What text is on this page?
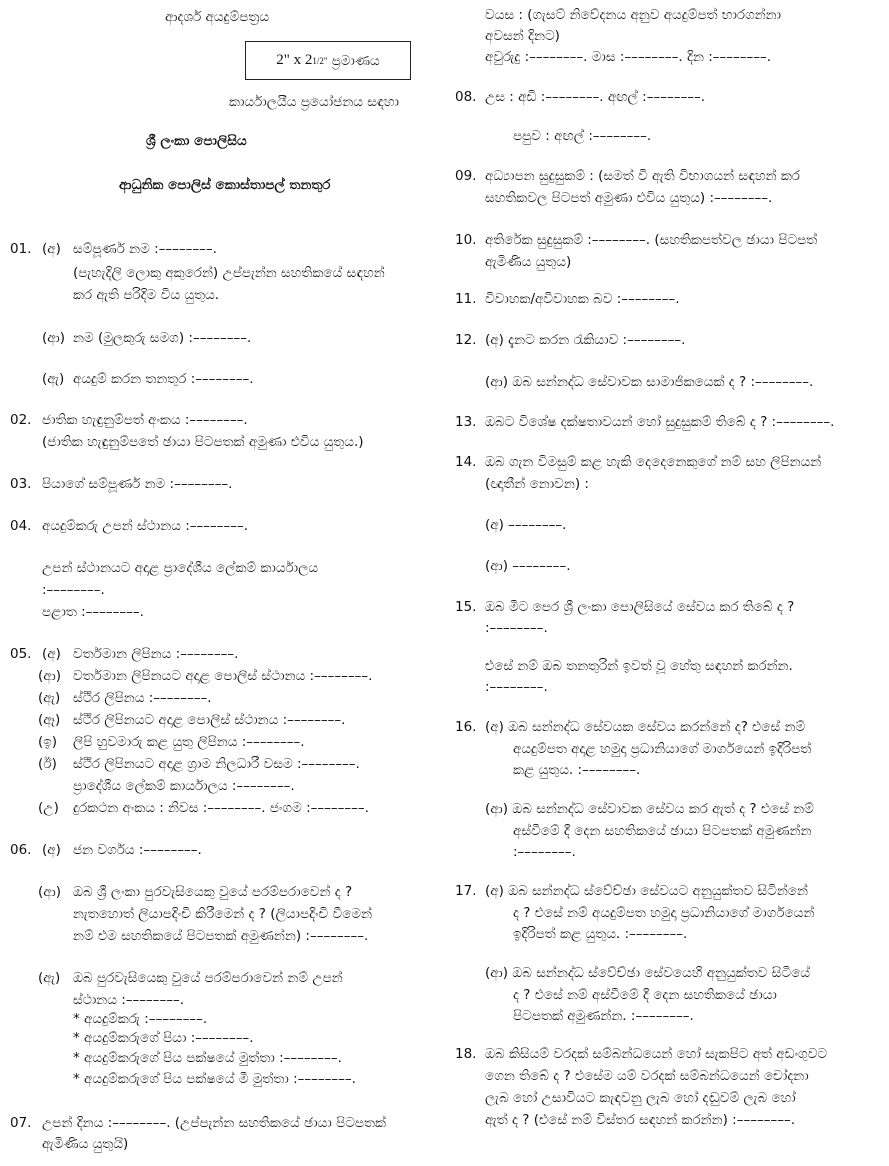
ආදර්ශ අයදුම්පත්‍රය
2" x 2 1/2" ප්‍රමාණය
කාර්යාලයීය ප්‍රයෝජනය සඳහා
ශ්‍රී ලංකා පොලිසිය
ආධුනික පොලිස් කොස්තාපල් තනතුර
01. (අ) සම්පූර්ණ නම :––––––––.
(පැහැදිලි ලොකු අකුරෙන්) උප්පැන්න සහතිකයේ සඳහන්
කර ඇති පරිදිම විය යුතුය.
(ආ) නම (මුලකුරු සමග) :––––––––.
(ඇ) අයදුම් කරන තනතුර :––––––––.
02. ජාතික හැඳුනුම්පත් අංකය :––––––––.
(ජාතික හැඳුනුම්පතේ ඡායා පිටපතක් අමුණා එවිය යුතුය.)
03. පියාගේ සම්පූර්ණ නම :––––––––.
04. අයදුම්කරු උපන් ස්ථානය :––––––––.
උපන් ස්ථානයට අදාළ ප්‍රාදේශීය ලේකම් කාර්යාලය
:––––––––.
පළාත :––––––––.
05. (අ) වර්තමාන ලිපිනය :––––––––.
(ආ) වර්තමාන ලිපිනයට අදාළ පොලිස් ස්ථානය :––––––––.
(ඇ) ස්ථිර ලිපිනය :––––––––.
(ඈ) ස්ථිර ලිපිනයට අදාළ පොලිස් ස්ථානය :––––––––.
(ඉ) ලිපි හුවමාරු කළ යුතු ලිපිනය :––––––––.
(ඊ) ස්ථිර ලිපිනයට අදාළ ග්‍රාම නිලධාරී වසම :––––––––.
ප්‍රාදේශීය ලේකම් කාර්යාලය :––––––––.
(උ) දුරකථන අංකය : නිවස :––––––––. ජංගම :––––––––.
06. (අ) ජන වර්ගය :––––––––.
(ආ) ඔබ ශ්‍රී ලංකා පුරවැසියෙකු වුයේ පරම්පරාවෙන් ද ?
නැතහොත් ලියාපදිංචි කිරීමෙන් ද ? (ලියාපදිංචි වීමෙන්
නම් එම සහතිකයේ පිටපතක් අමුණන්න) :––––––––.
(ඇ) ඔබ පුරවැසියෙකු වුයේ පරම්පරාවෙන් නම් උපන්
ස්ථානය :––––––––.
* අයදුම්කරු :––––––––.
* අයදුම්කරුගේ පියා :––––––––.
* අයදුම්කරුගේ පිය පක්ෂයේ මුත්තා :––––––––.
* අයදුම්කරුගේ පිය පක්ෂයේ මී මුත්තා :––––––––.
07. උපන් දිනය :––––––––. (උප්පැන්න සහතිකයේ ඡායා පිටපතක්
ඇමිණිය යුතුයි)
වයස : (ගැසට් නිවේදනය අනුව අයදුම්පත් භාරගන්නා
අවසන් දිනට)
අවුරුදු :––––––––. මාස :––––––––. දින :––––––––.
08. උස : අඩි :––––––––. අඟල් :––––––––.
පපුව : අඟල් :––––––––.
09. අධ්‍යාපන සුදුසුකම් : (සමත් වී ඇති විභාගයන් සඳහන් කර
සහතිකවල පිටපත් අමුණා එවිය යුතුය) :––––––––.
10. අතිරේක සුදුසුකම් :––––––––. (සහතිකපත්වල ඡායා පිටපත්
ඇමිණිය යුතුය)
11. විවාහක/අවිවාහක බව :––––––––.
12. (අ) දැනට කරන රැකියාව :––––––––.
(ආ) ඔබ සන්නද්ධ සේවාවක සාමාජිකයෙක් ද ? :––––––––.
13. ඔබට විශේෂ දක්ෂතාවයන් හෝ සුදුසුකම් තිබේ ද ? :––––––––.
14. ඔබ ගැන විමසුම් කළ හැකි දෙදෙනෙකුගේ නම් සහ ලිපිනයන්
(ඥාතීන් නොවන) :
(අ) ––––––––.
(ආ) ––––––––.
15. ඔබ මීට පෙර ශ්‍රී ලංකා පොලිසියේ සේවය කර තිබේ ද ?
:––––––––.
එසේ නම් ඔබ තනතුරින් ඉවත් වූ හේතු සඳහන් කරන්න.
:––––––––.
16. (අ) ඔබ සන්නද්ධ සේවයක සේවය කරන්නේ ද? එසේ නම්
අයදුම්පත අදාළ හමුදා ප්‍රධානියාගේ මාර්ගයෙන් ඉදිරිපත්
කළ යුතුය. :––––––––.
(ආ) ඔබ සන්නද්ධ සේවාවක සේවය කර ඇත් ද ? එසේ නම්
අස්වීමේ දී දෙන සහතිකයේ ඡායා පිටපතක් අමුණන්න
:––––––––.
17. (අ) ඔබ සන්නද්ධ ස්වේච්ඡා සේවයට අනුයුක්තව සිටින්නේ
ද ? එසේ නම් අයදුම්පත හමුදා ප්‍රධානියාගේ මාර්ගයෙන්
ඉදිරිපත් කළ යුතුය. :––––––––.
(ආ) ඔබ සන්නද්ධ ස්වේච්ඡා සේවයෙහි අනුයුක්තව සිටියේ
ද ? එසේ නම් අස්වීමේ දී දෙන සහතිකයේ ඡායා
පිටපතක් අමුණන්න. :––––––––.
18. ඔබ කිසියම් වරදක් සම්බන්ධයෙන් හෝ සැකපිට අත් අඩංගුවට
ගෙන තිබේ ද ? එසේම යම් වරදක් සම්බන්ධයෙන් චෝදනා
ලැබ හෝ උසාවියට කැඳවනු ලැබ හෝ දඬුවම් ලැබ හෝ
ඇත් ද ? (එසේ නම් විස්තර සඳහන් කරන්න) :––––––––.
